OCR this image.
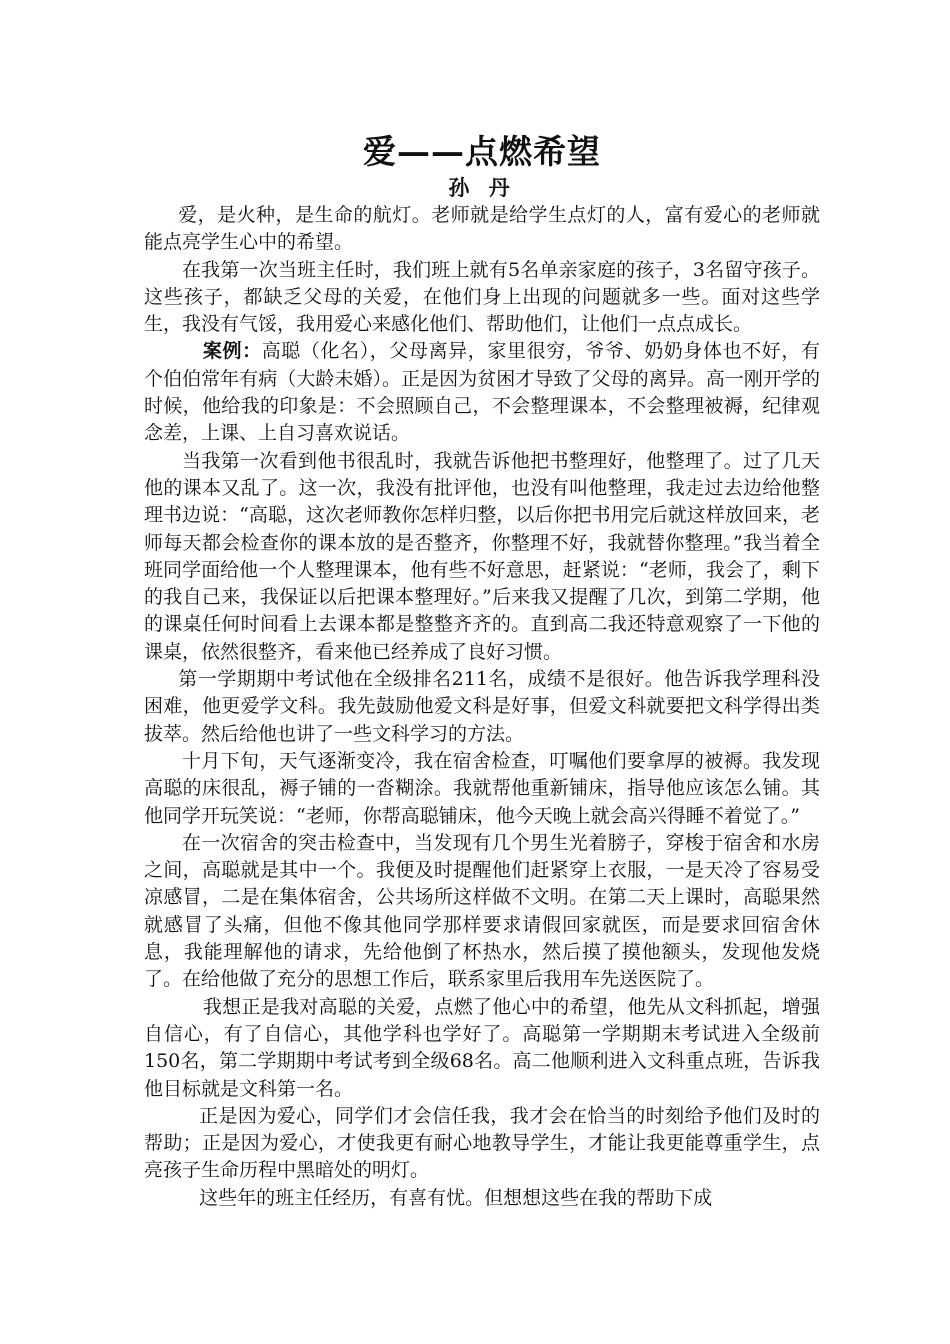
爱——点燃希望
孙 丹

爱，是火种，是生命的航灯。老师就是给学生点灯的人，富有爱心的老师就能点亮学生心中的希望。

在我第一次当班主任时，我们班上就有5名单亲家庭的孩子，3名留守孩子。这些孩子，都缺乏父母的关爱，在他们身上出现的问题就多一些。面对这些学生，我没有气馁，我用爱心来感化他们、帮助他们，让他们一点点成长。

案例：高聪（化名），父母离异，家里很穷，爷爷、奶奶身体也不好，有个伯伯常年有病（大龄未婚）。正是因为贫困才导致了父母的离异。高一刚开学的时候，他给我的印象是：不会照顾自己，不会整理课本，不会整理被褥，纪律观念差，上课、上自习喜欢说话。

当我第一次看到他书很乱时，我就告诉他把书整理好，他整理了。过了几天他的课本又乱了。这一次，我没有批评他，也没有叫他整理，我走过去边给他整理书边说：“高聪，这次老师教你怎样归整，以后你把书用完后就这样放回来，老师每天都会检查你的课本放的是否整齐，你整理不好，我就替你整理。”我当着全班同学面给他一个人整理课本，他有些不好意思，赶紧说：“老师，我会了，剩下的我自己来，我保证以后把课本整理好。”后来我又提醒了几次，到第二学期，他的课桌任何时间看上去课本都是整整齐齐的。直到高二我还特意观察了一下他的课桌，依然很整齐，看来他已经养成了良好习惯。

第一学期期中考试他在全级排名211名，成绩不是很好。他告诉我学理科没困难，他更爱学文科。我先鼓励他爱文科是好事，但爱文科就要把文科学得出类拔萃。然后给他也讲了一些文科学习的方法。

十月下旬，天气逐渐变冷，我在宿舍检查，叮嘱他们要拿厚的被褥。我发现高聪的床很乱，褥子铺的一沓糊涂。我就帮他重新铺床，指导他应该怎么铺。其他同学开玩笑说：“老师，你帮高聪铺床，他今天晚上就会高兴得睡不着觉了。”

在一次宿舍的突击检查中，当发现有几个男生光着膀子，穿梭于宿舍和水房之间，高聪就是其中一个。我便及时提醒他们赶紧穿上衣服，一是天冷了容易受凉感冒，二是在集体宿舍，公共场所这样做不文明。在第二天上课时，高聪果然就感冒了头痛，但他不像其他同学那样要求请假回家就医，而是要求回宿舍休息，我能理解他的请求，先给他倒了杯热水，然后摸了摸他额头，发现他发烧了。在给他做了充分的思想工作后，联系家里后我用车先送医院了。

我想正是我对高聪的关爱，点燃了他心中的希望，他先从文科抓起，增强自信心，有了自信心，其他学科也学好了。高聪第一学期期末考试进入全级前150名，第二学期期中考试考到全级68名。高二他顺利进入文科重点班，告诉我他目标就是文科第一名。

正是因为爱心，同学们才会信任我，我才会在恰当的时刻给予他们及时的帮助；正是因为爱心，才使我更有耐心地教导学生，才能让我更能尊重学生，点亮孩子生命历程中黑暗处的明灯。

这些年的班主任经历，有喜有忧。但想想这些在我的帮助下成
